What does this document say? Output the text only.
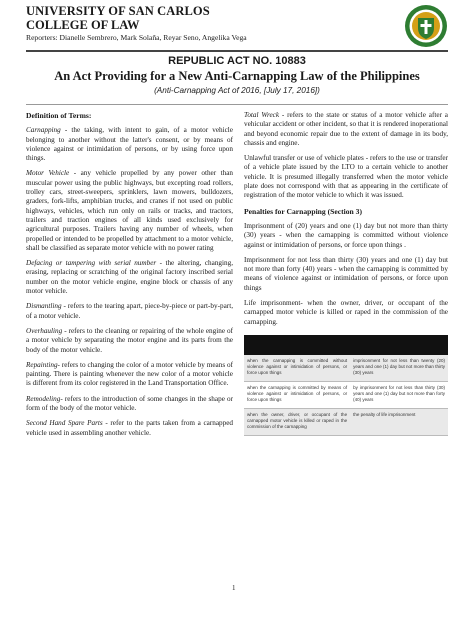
UNIVERSITY OF SAN CARLOS
COLLEGE OF LAW
Reporters: Dianelle Sembrero, Mark Solaña, Reyar Seno, Angelika Vega
REPUBLIC ACT NO. 10883
An Act Providing for a New Anti-Carnapping Law of the Philippines
(Anti-Carnapping Act of 2016, [July 17, 2016])
Definition of Terms:

Carnapping - the taking, with intent to gain, of a motor vehicle belonging to another without the latter's consent, or by means of violence against or intimidation of persons, or by using force upon things.

Motor Vehicle - any vehicle propelled by any power other than muscular power using the public highways, but excepting road rollers, trolley cars, street-sweepers, sprinklers, lawn mowers, bulldozers, graders, fork-lifts, amphibian trucks, and cranes if not used on public highways, vehicles, which run only on rails or tracks, and tractors, trailers and traction engines of all kinds used exclusively for agricultural purposes. Trailers having any number of wheels, when propelled or intended to be propelled by attachment to a motor vehicle, shall be classified as separate motor vehicle with no power rating

Defacing or tampering with serial number - the altering, changing, erasing, replacing or scratching of the original factory inscribed serial number on the motor vehicle engine, engine block or chassis of any motor vehicle.

Dismantling - refers to the tearing apart, piece-by-piece or part-by-part, of a motor vehicle.

Overhauling - refers to the cleaning or repairing of the whole engine of a motor vehicle by separating the motor engine and its parts from the body of the motor vehicle.

Repainting- refers to changing the color of a motor vehicle by means of painting. There is painting whenever the new color of a motor vehicle is different from its color registered in the Land Transportation Office.

Remodeling- refers to the introduction of some changes in the shape or form of the body of the motor vehicle.

Second Hand Spare Parts - refer to the parts taken from a carnapped vehicle used in assembling another vehicle.

Total Wreck - refers to the state or status of a motor vehicle after a vehicular accident or other incident, so that it is rendered inoperational and beyond economic repair due to the extent of damage in its body, chassis and engine.

Unlawful transfer or use of vehicle plates - refers to the use or transfer of a vehicle plate issued by the LTO to a certain vehicle to another vehicle. It is presumed illegally transferred when the motor vehicle plate does not correspond with that as appearing in the certificate of registration of the motor vehicle to which it was issued.

Penalties for Carnapping (Section 3)

Imprisonment of (20) years and one (1) day but not more than thirty (30) years - when the carnapping is committed without violence against or intimidation of persons, or force upon things .

Imprisonment for not less than thirty (30) years and one (1) day but not more than forty (40) years - when the carnapping is committed by means of violence against or intimidation of persons, or force upon things

Life imprisonment- when the owner, driver, or occupant of the carnapped motor vehicle is killed or raped in the commission of the carnapping.

when the carnapping is committed without violence against or intimidation of persons, or force upon things	imprisonment for not less than twenty (20) years and one (1) day but not more than thirty (30) years
when the carnapping is committed by means of violence against or intimidation of persons, or force upon things	by imprisonment for not less than thirty (30) years and one (1) day but not more than forty (40) years
when the owner, driver, or occupant of the carnapped motor vehicle is killed or raped in the commission of the carnapping	the penalty of life imprisonment
1
